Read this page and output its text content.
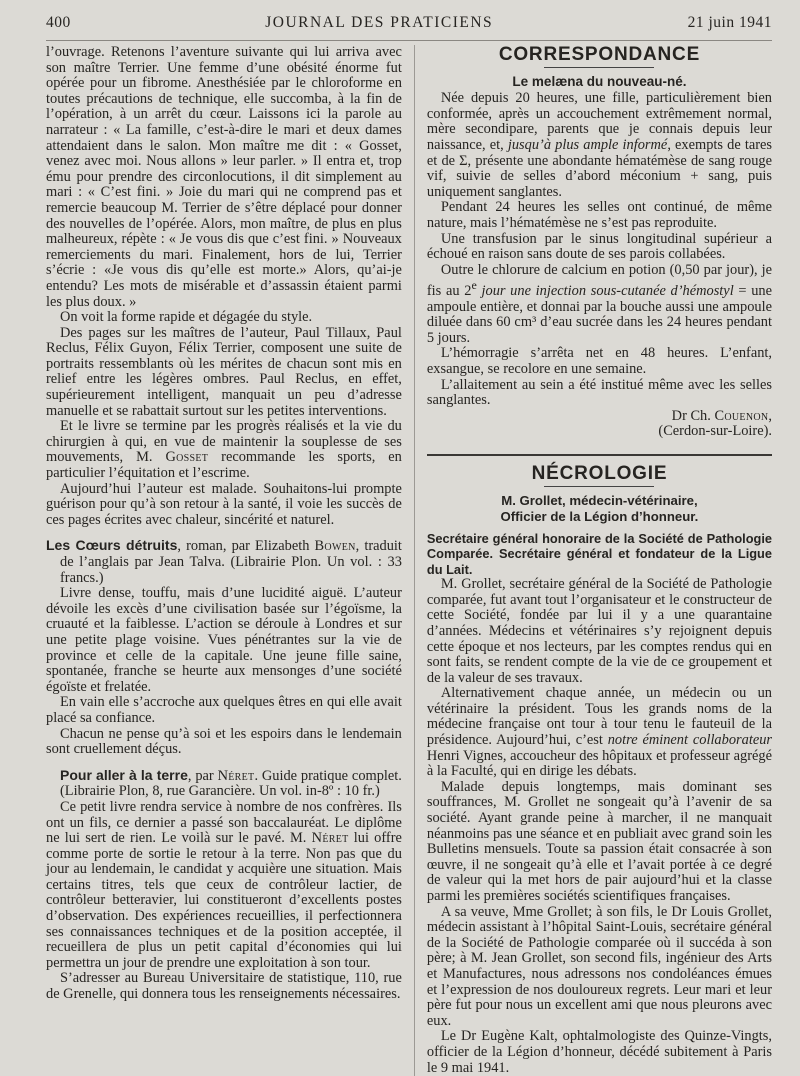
400	JOURNAL DES PRATICIENS	21 juin 1941

l’ouvrage. Retenons l’aventure suivante qui lui arriva avec son maître Terrier. Une femme d’une obésité énorme fut opérée pour un fibrome. Anesthésiée par le chloroforme en toutes précautions de technique, elle succomba, à la fin de l’opération, à un arrêt du cœur. Laissons ici la parole au narrateur : « La famille, c’est-à-dire le mari et deux dames attendaient dans le salon. Mon maître me dit : « Gosset, venez avec moi. Nous allons » leur parler. » Il entra et, trop ému pour prendre des circonlocutions, il dit simplement au mari : « C’est fini. » Joie du mari qui ne comprend pas et remercie beaucoup M. Terrier de s’être déplacé pour donner des nouvelles de l’opérée. Alors, mon maître, de plus en plus malheureux, répète : « Je vous dis que c’est fini. » Nouveaux remerciements du mari. Finalement, hors de lui, Terrier s’écrie : «Je vous dis qu’elle est morte.» Alors, qu’ai-je entendu? Les mots de misérable et d’assassin étaient parmi les plus doux. »

On voit la forme rapide et dégagée du style.

Des pages sur les maîtres de l’auteur, Paul Tillaux, Paul Reclus, Félix Guyon, Félix Terrier, composent une suite de portraits ressemblants où les mérites de chacun sont mis en relief entre les légères ombres. Paul Reclus, en effet, supérieurement intelligent, manquait un peu d’adresse manuelle et se rabattait surtout sur les petites interventions.

Et le livre se termine par les progrès réalisés et la vie du chirurgien à qui, en vue de maintenir la souplesse de ses mouvements, M. Gosset recommande les sports, en particulier l’équitation et l’escrime.

Aujourd’hui l’auteur est malade. Souhaitons-lui prompte guérison pour qu’à son retour à la santé, il voie les succès de ces pages écrites avec chaleur, sincérité et naturel.

Les Cœurs détruits, roman, par Elizabeth Bowen, traduit de l’anglais par Jean Talva. (Librairie Plon. Un vol. : 33 francs.)

Livre dense, touffu, mais d’une lucidité aiguë. L’auteur dévoile les excès d’une civilisation basée sur l’égoïsme, la cruauté et la faiblesse. L’action se déroule à Londres et sur une petite plage voisine. Vues pénétrantes sur la vie de province et celle de la capitale. Une jeune fille saine, spontanée, franche se heurte aux mensonges d’une société égoïste et frelatée.

En vain elle s’accroche aux quelques êtres en qui elle avait placé sa confiance.

Chacun ne pense qu’à soi et les espoirs dans le lendemain sont cruellement déçus.

Pour aller à la terre, par Néret. Guide pratique complet. (Librairie Plon, 8, rue Garancière. Un vol. in-8º : 10 fr.)

Ce petit livre rendra service à nombre de nos confrères. Ils ont un fils, ce dernier a passé son baccalauréat. Le diplôme ne lui sert de rien. Le voilà sur le pavé. M. Néret lui offre comme porte de sortie le retour à la terre. Non pas que du jour au lendemain, le candidat y acquière une situation. Mais certains titres, tels que ceux de contrôleur lactier, de contrôleur betteravier, lui constitueront d’excellents postes d’observation. Des expériences recueillies, il perfectionnera ses connaissances techniques et de la position acceptée, il recueillera de plus un petit capital d’économies qui lui permettra un jour de prendre une exploitation à son tour.

S’adresser au Bureau Universitaire de statistique, 110, rue de Grenelle, qui donnera tous les renseignements nécessaires.

CORRESPONDANCE
Le melæna du nouveau-né.

Née depuis 20 heures, une fille, particulièrement bien conformée, après un accouchement extrêmement normal, mère secondipare, parents que je connais depuis leur naissance, et, jusqu’à plus ample informé, exempts de tares et de Σ, présente une abondante hématémèse de sang rouge vif, suivie de selles d’abord méconium + sang, puis uniquement sanglantes.

Pendant 24 heures les selles ont continué, de même nature, mais l’hématémèse ne s’est pas reproduite.

Une transfusion par le sinus longitudinal supérieur a échoué en raison sans doute de ses parois collabées.

Outre le chlorure de calcium en potion (0,50 par jour), je fis au 2e jour une injection sous-cutanée d’hémostyl = une ampoule entière, et donnai par la bouche aussi une ampoule diluée dans 60 cm³ d’eau sucrée dans les 24 heures pendant 5 jours.

L’hémorragie s’arrêta net en 48 heures. L’enfant, exsangue, se recolore en une semaine.

L’allaitement au sein a été institué même avec les selles sanglantes.

Dr Ch. Couenon,
(Cerdon-sur-Loire).
NÉCROLOGIE
M. Grollet, médecin-vétérinaire,
Officier de la Légion d’honneur.

Secrétaire général honoraire de la Société de Pathologie Comparée. Secrétaire général et fondateur de la Ligue du Lait.

M. Grollet, secrétaire général de la Société de Pathologie comparée, fut avant tout l’organisateur et le constructeur de cette Société, fondée par lui il y a une quarantaine d’années. Médecins et vétérinaires s’y rejoignent depuis cette époque et nos lecteurs, par les comptes rendus qui en sont faits, se rendent compte de la vie de ce groupement et de la valeur de ses travaux.

Alternativement chaque année, un médecin ou un vétérinaire la président. Tous les grands noms de la médecine française ont tour à tour tenu le fauteuil de la présidence. Aujourd’hui, c’est notre éminent collaborateur Henri Vignes, accoucheur des hôpitaux et professeur agrégé à la Faculté, qui en dirige les débats.

Malade depuis longtemps, mais dominant ses souffrances, M. Grollet ne songeait qu’à l’avenir de sa société. Ayant grande peine à marcher, il ne manquait néanmoins pas une séance et en publiait avec grand soin les Bulletins mensuels. Toute sa passion était consacrée à son œuvre, il ne songeait qu’à elle et l’avait portée à ce degré de valeur qui la met hors de pair aujourd’hui et la classe parmi les premières sociétés scientifiques françaises.

A sa veuve, Mme Grollet; à son fils, le Dr Louis Grollet, médecin assistant à l’hôpital Saint-Louis, secrétaire général de la Société de Pathologie comparée où il succéda à son père; à M. Jean Grollet, son second fils, ingénieur des Arts et Manufactures, nous adressons nos condoléances émues et l’expression de nos douloureux regrets. Leur mari et leur père fut pour nous un excellent ami que nous pleurons avec eux.

Le Dr Eugène Kalt, ophtalmologiste des Quinze-Vingts, officier de la Légion d’honneur, décédé subitement à Paris le 9 mai 1941.
